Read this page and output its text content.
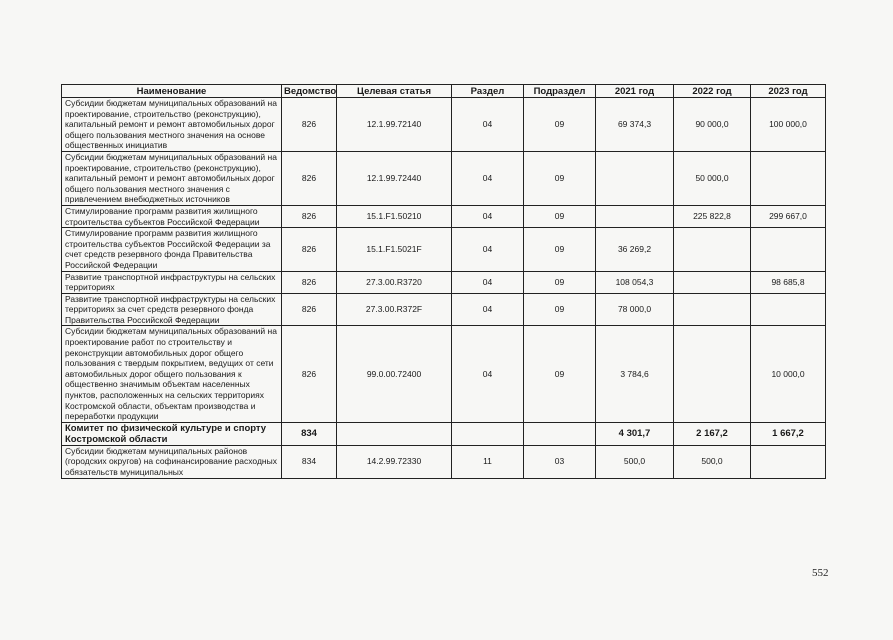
Наименование	Ведомство	Целевая статья	Раздел	Подраздел	2021 год	2022 год	2023 год
Субсидии бюджетам муниципальных образований на проектирование, строительство (реконструкцию), капитальный ремонт и ремонт автомобильных дорог общего пользования местного значения на основе общественных инициатив	826	12.1.99.72140	04	09	69 374,3	90 000,0	100 000,0
Субсидии бюджетам муниципальных образований на проектирование, строительство (реконструкцию), капитальный ремонт и ремонт автомобильных дорог общего пользования местного значения с привлечением внебюджетных источников	826	12.1.99.72440	04	09		50 000,0	
Стимулирование программ развития жилищного строительства субъектов Российской Федерации	826	15.1.F1.50210	04	09		225 822,8	299 667,0
Стимулирование программ развития жилищного строительства субъектов Российской Федерации за счет средств резервного фонда Правительства Российской Федерации	826	15.1.F1.5021F	04	09	36 269,2		
Развитие транспортной инфраструктуры на сельских территориях	826	27.3.00.R3720	04	09	108 054,3		98 685,8
Развитие транспортной инфраструктуры на сельских территориях за счет средств резервного фонда Правительства Российской Федерации	826	27.3.00.R372F	04	09	78 000,0		
Субсидии бюджетам муниципальных образований на проектирование работ по строительству и реконструкции автомобильных дорог общего пользования с твердым покрытием, ведущих от сети автомобильных дорог общего пользования к общественно значимым объектам населенных пунктов, расположенных на сельских территориях Костромской области, объектам производства и переработки продукции	826	99.0.00.72400	04	09	3 784,6		10 000,0
Комитет по физической культуре и спорту Костромской области	834				4 301,7	2 167,2	1 667,2
Субсидии бюджетам муниципальных районов (городских округов) на софинансирование расходных обязательств муниципальных	834	14.2.99.72330	11	03	500,0	500,0	
552
